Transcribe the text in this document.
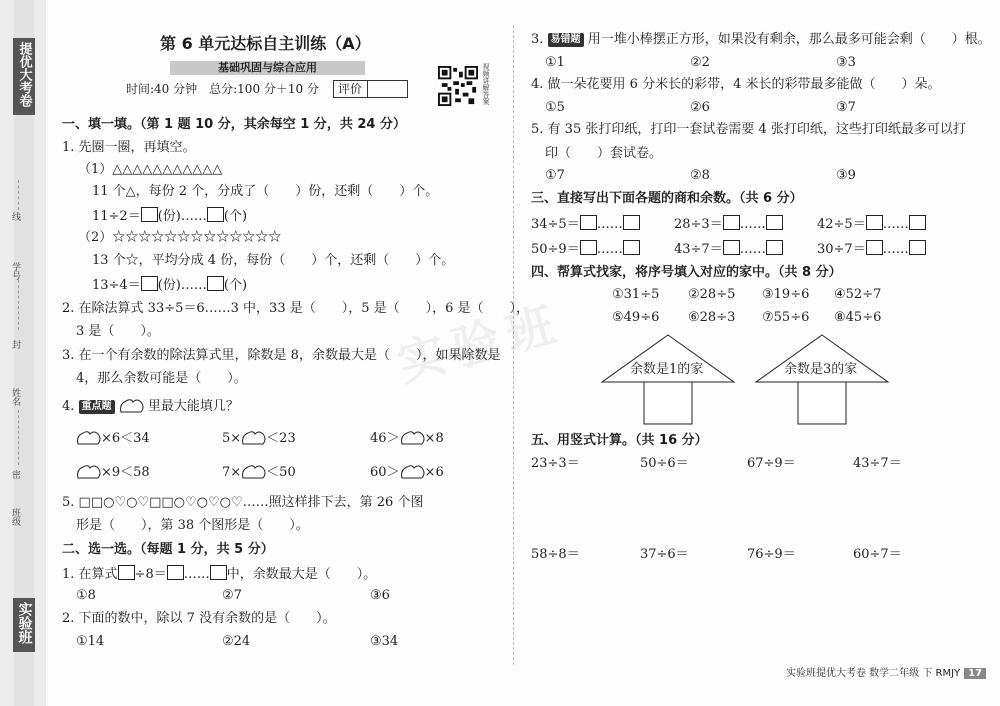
提优大考卷
线
学号
封
姓名
密
班级
实验班
第 6 单元达标自主训练（A）
基础巩固与综合应用
时间:40 分钟　总分:100 分＋10 分 评价	视频讲解答案
实验班
一、填一填。（第 1 题 10 分，其余每空 1 分，共 24 分）
1. 先圈一圈，再填空。
（1）△△△△△△△△△△△
11 个△，每份 2 个，分成了（　　）份，还剩（　　）个。
11÷2＝ (份)…… (个)
（2）☆☆☆☆☆☆☆☆☆☆☆☆☆
13 个☆，平均分成 4 份，每份（　　）个，还剩（　　）个。
13÷4＝ (份)…… (个)
2. 在除法算式 33÷5＝6……3 中，33 是（　　），5 是（　　），6 是（　　），
3 是（　　）。
3. 在一个有余数的除法算式里，除数是 8，余数最大是（　　），如果除数是
4，那么余数可能是（　　）。
4. 重点题	里最大能填几？
×6＜34	5× ＜23	46＞ ×8
×9＜58	7× ＜50	60＞ ×6
5. □□○♡○♡□□○♡○♡○♡……照这样排下去，第 26 个图
形是（　　），第 38 个图形是（　　）。
二、选一选。（每题 1 分，共 5 分）
1. 在算式 ÷8＝ …… 中，余数最大是（　　）。
①8	②7	③6
2. 下面的数中，除以 7 没有余数的是（　　）。
①14	②24	③34
3. 易错题 用一堆小棒摆正方形，如果没有剩余，那么最多可能会剩（　　）根。
①1	②2	③3
4. 做一朵花要用 6 分米长的彩带，4 米长的彩带最多能做（　　）朵。
①5	②6	③7
5. 有 35 张打印纸，打印一套试卷需要 4 张打印纸，这些打印纸最多可以打
印（　　）套试卷。
①7	②8	③9
三、直接写出下面各题的商和余数。（共 6 分）
34÷5＝ ……	28÷3＝ ……	42÷5＝ ……
50÷9＝ ……	43÷7＝ ……	30÷7＝ ……
四、帮算式找家，将序号填入对应的家中。（共 8 分）
①31÷5 ②28÷5 ③19÷6 ④52÷7
⑤49÷6 ⑥28÷3 ⑦55÷6 ⑧45÷6
余数是1的家	余数是3的家
五、用竖式计算。（共 16 分）
23÷3＝	50÷6＝	67÷9＝	43÷7＝
58÷8＝	37÷6＝	76÷9＝	60÷7＝
实验班提优大考卷 数学二年级 下 RMJY 17
